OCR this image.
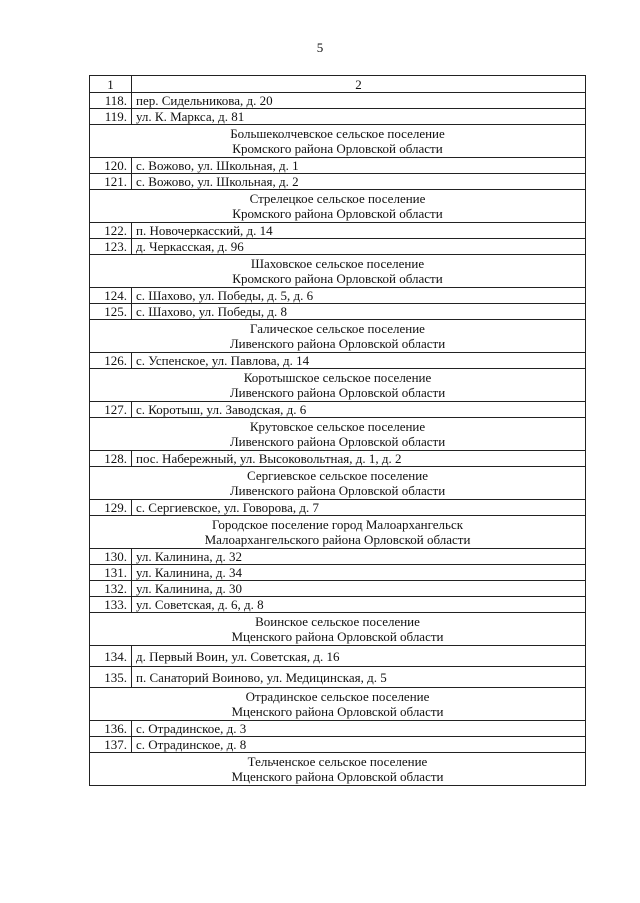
5
1	2
118.	пер. Сидельникова, д. 20
119.	ул. К. Маркса, д. 81

Большеколчевское сельское поселение
Кромского района Орловской области	

120.	с. Вожово, ул. Школьная, д. 1
121.	с. Вожово, ул. Школьная, д. 2

Стрелецкое сельское поселение
Кромского района Орловской области	

122.	п. Новочеркасский, д. 14
123.	д. Черкасская, д. 96

Шаховское сельское поселение
Кромского района Орловской области	

124.	с. Шахово, ул. Победы, д. 5, д. 6
125.	с. Шахово, ул. Победы, д. 8

Галическое сельское поселение
Ливенского района Орловской области	

126.	с. Успенское, ул. Павлова, д. 14

Коротышское сельское поселение
Ливенского района Орловской области	

127.	с. Коротыш, ул. Заводская, д. 6

Крутовское сельское поселение
Ливенского района Орловской области	

128.	пос. Набережный, ул. Высоковольтная, д. 1, д. 2

Сергиевское сельское поселение
Ливенского района Орловской области	

129.	с. Сергиевское, ул. Говорова, д. 7

Городское поселение город Малоархангельск
Малоархангельского района Орловской области	

130.	ул. Калинина, д. 32
131.	ул. Калинина, д. 34
132.	ул. Калинина, д. 30
133.	ул. Советская, д. 6, д. 8

Воинское сельское поселение
Мценского района Орловской области	

134.	д. Первый Воин, ул. Советская, д. 16
135.	п. Санаторий Воиново, ул. Медицинская, д. 5

Отрадинское сельское поселение
Мценского района Орловской области	

136.	с. Отрадинское, д. 3
137.	с. Отрадинское, д. 8

Тельченское сельское поселение
Мценского района Орловской области	
